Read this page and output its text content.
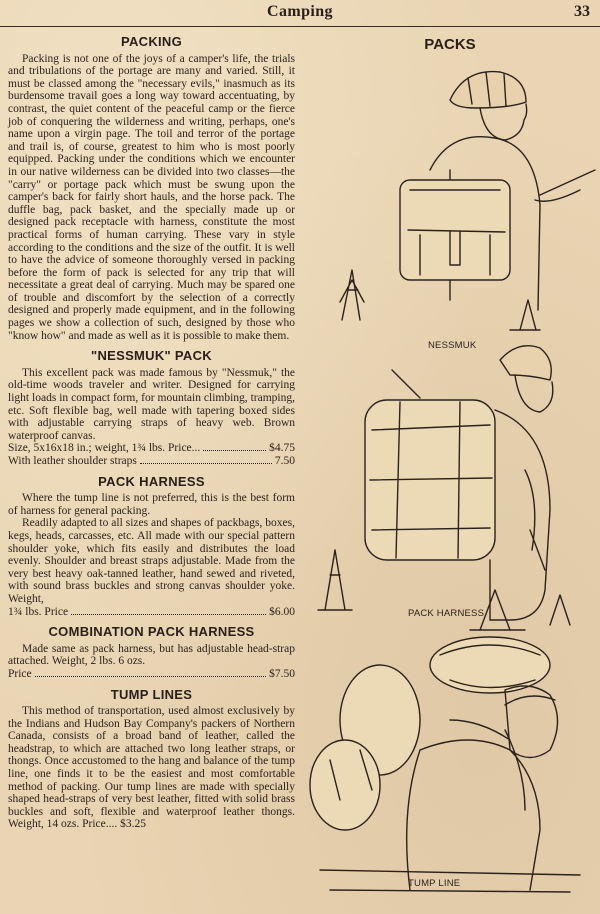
Camping	33
PACKING

Packing is not one of the joys of a camper's life, the trials and tribulations of the portage are many and varied. Still, it must be classed among the "necessary evils," inasmuch as its burdensome travail goes a long way toward accentuating, by contrast, the quiet content of the peaceful camp or the fierce job of conquering the wilderness and writing, perhaps, one's name upon a virgin page. The toil and terror of the portage and trail is, of course, greatest to him who is most poorly equipped. Packing under the conditions which we encounter in our native wilderness can be divided into two classes—the "carry" or portage pack which must be swung upon the camper's back for fairly short hauls, and the horse pack. The duffle bag, pack basket, and the specially made up or designed pack receptacle with harness, constitute the most practical forms of human carrying. These vary in style according to the conditions and the size of the outfit. It is well to have the advice of someone thoroughly versed in packing before the form of pack is selected for any trip that will necessitate a great deal of carrying. Much may be spared one of trouble and discomfort by the selection of a correctly designed and properly made equipment, and in the following pages we show a collection of such, designed by those who "know how" and made as well as it is possible to make them.

"NESSMUK" PACK

This excellent pack was made famous by "Nessmuk," the old-time woods traveler and writer. Designed for carrying light loads in compact form, for mountain climbing, tramping, etc. Soft flexible bag, well made with tapering boxed sides with adjustable carrying straps of heavy web. Brown waterproof canvas.

Size, 5x16x18 in.; weight, 1¾ lbs. Price...	$4.75
With leather shoulder straps	7.50
PACK HARNESS

Where the tump line is not preferred, this is the best form of harness for general packing.

Readily adapted to all sizes and shapes of packbags, boxes, kegs, heads, carcasses, etc. All made with our special pattern shoulder yoke, which fits easily and distributes the load evenly. Shoulder and breast straps adjustable. Made from the very best heavy oak-tanned leather, hand sewed and riveted, with sound brass buckles and strong canvas shoulder yoke. Weight,

1¾ lbs. Price	$6.00
COMBINATION PACK HARNESS

Made same as pack harness, but has adjustable head-strap attached. Weight, 2 lbs. 6 ozs.

Price	$7.50
TUMP LINES

This method of transportation, used almost exclusively by the Indians and Hudson Bay Company's packers of Northern Canada, consists of a broad band of leather, called the headstrap, to which are attached two long leather straps, or thongs. Once accustomed to the hang and balance of the tump line, one finds it to be the easiest and most comfortable method of packing. Our tump lines are made with specially shaped head-straps of very best leather, fitted with solid brass buckles and soft, flexible and waterproof leather thongs. Weight, 14 ozs. Price.... $3.25

PACKS
NESSMUK
PACK HARNESS
TUMP LINE
